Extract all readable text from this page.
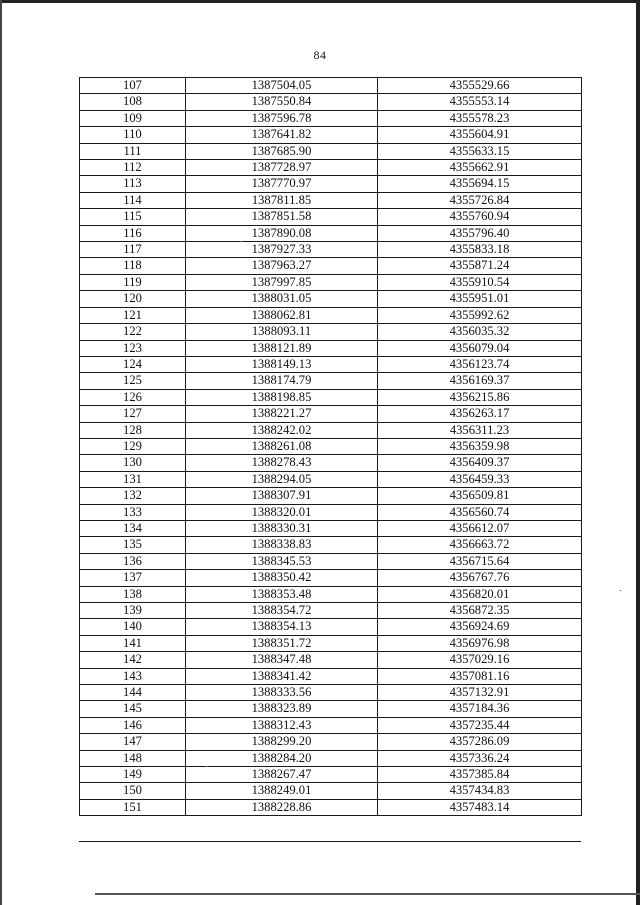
84
107	1387504.05	4355529.66
108	1387550.84	4355553.14
109	1387596.78	4355578.23
110	1387641.82	4355604.91
111	1387685.90	4355633.15
112	1387728.97	4355662.91
113	1387770.97	4355694.15
114	1387811.85	4355726.84
115	1387851.58	4355760.94
116	1387890.08	4355796.40
117	1387927.33	4355833.18
118	1387963.27	4355871.24
119	1387997.85	4355910.54
120	1388031.05	4355951.01
121	1388062.81	4355992.62
122	1388093.11	4356035.32
123	1388121.89	4356079.04
124	1388149.13	4356123.74
125	1388174.79	4356169.37
126	1388198.85	4356215.86
127	1388221.27	4356263.17
128	1388242.02	4356311.23
129	1388261.08	4356359.98
130	1388278.43	4356409.37
131	1388294.05	4356459.33
132	1388307.91	4356509.81
133	1388320.01	4356560.74
134	1388330.31	4356612.07
135	1388338.83	4356663.72
136	1388345.53	4356715.64
137	1388350.42	4356767.76
138	1388353.48	4356820.01
139	1388354.72	4356872.35
140	1388354.13	4356924.69
141	1388351.72	4356976.98
142	1388347.48	4357029.16
143	1388341.42	4357081.16
144	1388333.56	4357132.91
145	1388323.89	4357184.36
146	1388312.43	4357235.44
147	1388299.20	4357286.09
148	1388284.20	4357336.24
149	1388267.47	4357385.84
150	1388249.01	4357434.83
151	1388228.86	4357483.14
